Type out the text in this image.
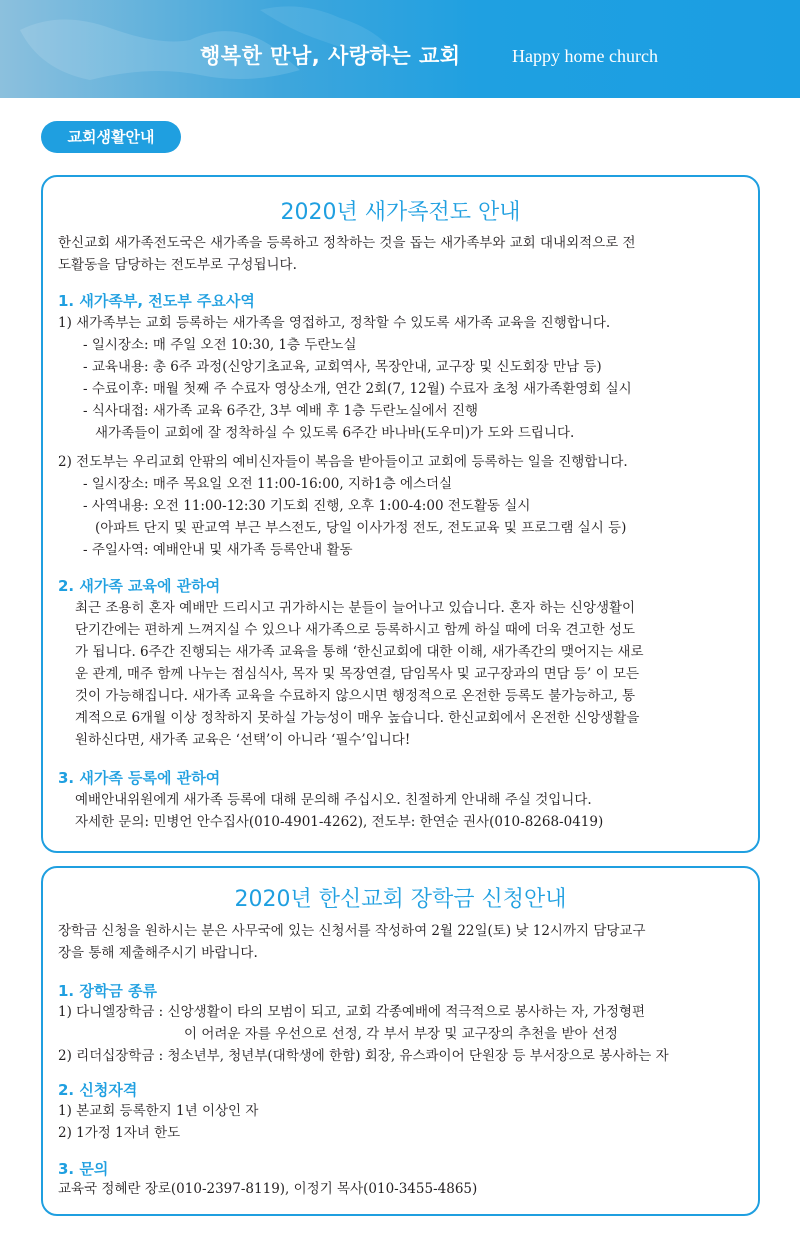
행복한 만남, 사랑하는 교회	Happy home church
교회생활안내
2020년 새가족전도 안내
한신교회 새가족전도국은 새가족을 등록하고 정착하는 것을 돕는 새가족부와 교회 대내외적으로 전
도활동을 담당하는 전도부로 구성됩니다.
1. 새가족부, 전도부 주요사역
1) 새가족부는 교회 등록하는 새가족을 영접하고, 정착할 수 있도록 새가족 교육을 진행합니다.
- 일시장소: 매 주일 오전 10:30, 1층 두란노실
- 교육내용: 총 6주 과정(신앙기초교육, 교회역사, 목장안내, 교구장 및 신도회장 만남 등)
- 수료이후: 매월 첫째 주 수료자 영상소개, 연간 2회(7, 12월) 수료자 초청 새가족환영회 실시
- 식사대접: 새가족 교육 6주간, 3부 예배 후 1층 두란노실에서 진행
새가족들이 교회에 잘 정착하실 수 있도록 6주간 바나바(도우미)가 도와 드립니다.
2) 전도부는 우리교회 안팎의 예비신자들이 복음을 받아들이고 교회에 등록하는 일을 진행합니다.
- 일시장소: 매주 목요일 오전 11:00-16:00, 지하1층 에스더실
- 사역내용: 오전 11:00-12:30 기도회 진행, 오후 1:00-4:00 전도활동 실시
(아파트 단지 및 판교역 부근 부스전도, 당일 이사가정 전도, 전도교육 및 프로그램 실시 등)
- 주일사역: 예배안내 및 새가족 등록안내 활동
2. 새가족 교육에 관하여
최근 조용히 혼자 예배만 드리시고 귀가하시는 분들이 늘어나고 있습니다. 혼자 하는 신앙생활이
단기간에는 편하게 느껴지실 수 있으나 새가족으로 등록하시고 함께 하실 때에 더욱 견고한 성도
가 됩니다. 6주간 진행되는 새가족 교육을 통해 ‘한신교회에 대한 이해, 새가족간의 맺어지는 새로
운 관계, 매주 함께 나누는 점심식사, 목자 및 목장연결, 담임목사 및 교구장과의 면담 등’ 이 모든
것이 가능해집니다. 새가족 교육을 수료하지 않으시면 행정적으로 온전한 등록도 불가능하고, 통
계적으로 6개월 이상 정착하지 못하실 가능성이 매우 높습니다. 한신교회에서 온전한 신앙생활을
원하신다면, 새가족 교육은 ‘선택’이 아니라 ‘필수’입니다!
3. 새가족 등록에 관하여
예배안내위원에게 새가족 등록에 대해 문의해 주십시오. 친절하게 안내해 주실 것입니다.
자세한 문의: 민병언 안수집사(010-4901-4262), 전도부: 한연순 권사(010-8268-0419)
2020년 한신교회 장학금 신청안내
장학금 신청을 원하시는 분은 사무국에 있는 신청서를 작성하여 2월 22일(토) 낮 12시까지 담당교구
장을 통해 제출해주시기 바랍니다.
1. 장학금 종류
1) 다니엘장학금 : 신앙생활이 타의 모범이 되고, 교회 각종예배에 적극적으로 봉사하는 자, 가정형편
이 어려운 자를 우선으로 선정, 각 부서 부장 및 교구장의 추천을 받아 선정
2) 리더십장학금 : 청소년부, 청년부(대학생에 한함) 회장, 유스콰이어 단원장 등 부서장으로 봉사하는 자
2. 신청자격
1) 본교회 등록한지 1년 이상인 자
2) 1가정 1자녀 한도
3. 문의
교육국 정혜란 장로(010-2397-8119), 이정기 목사(010-3455-4865)
